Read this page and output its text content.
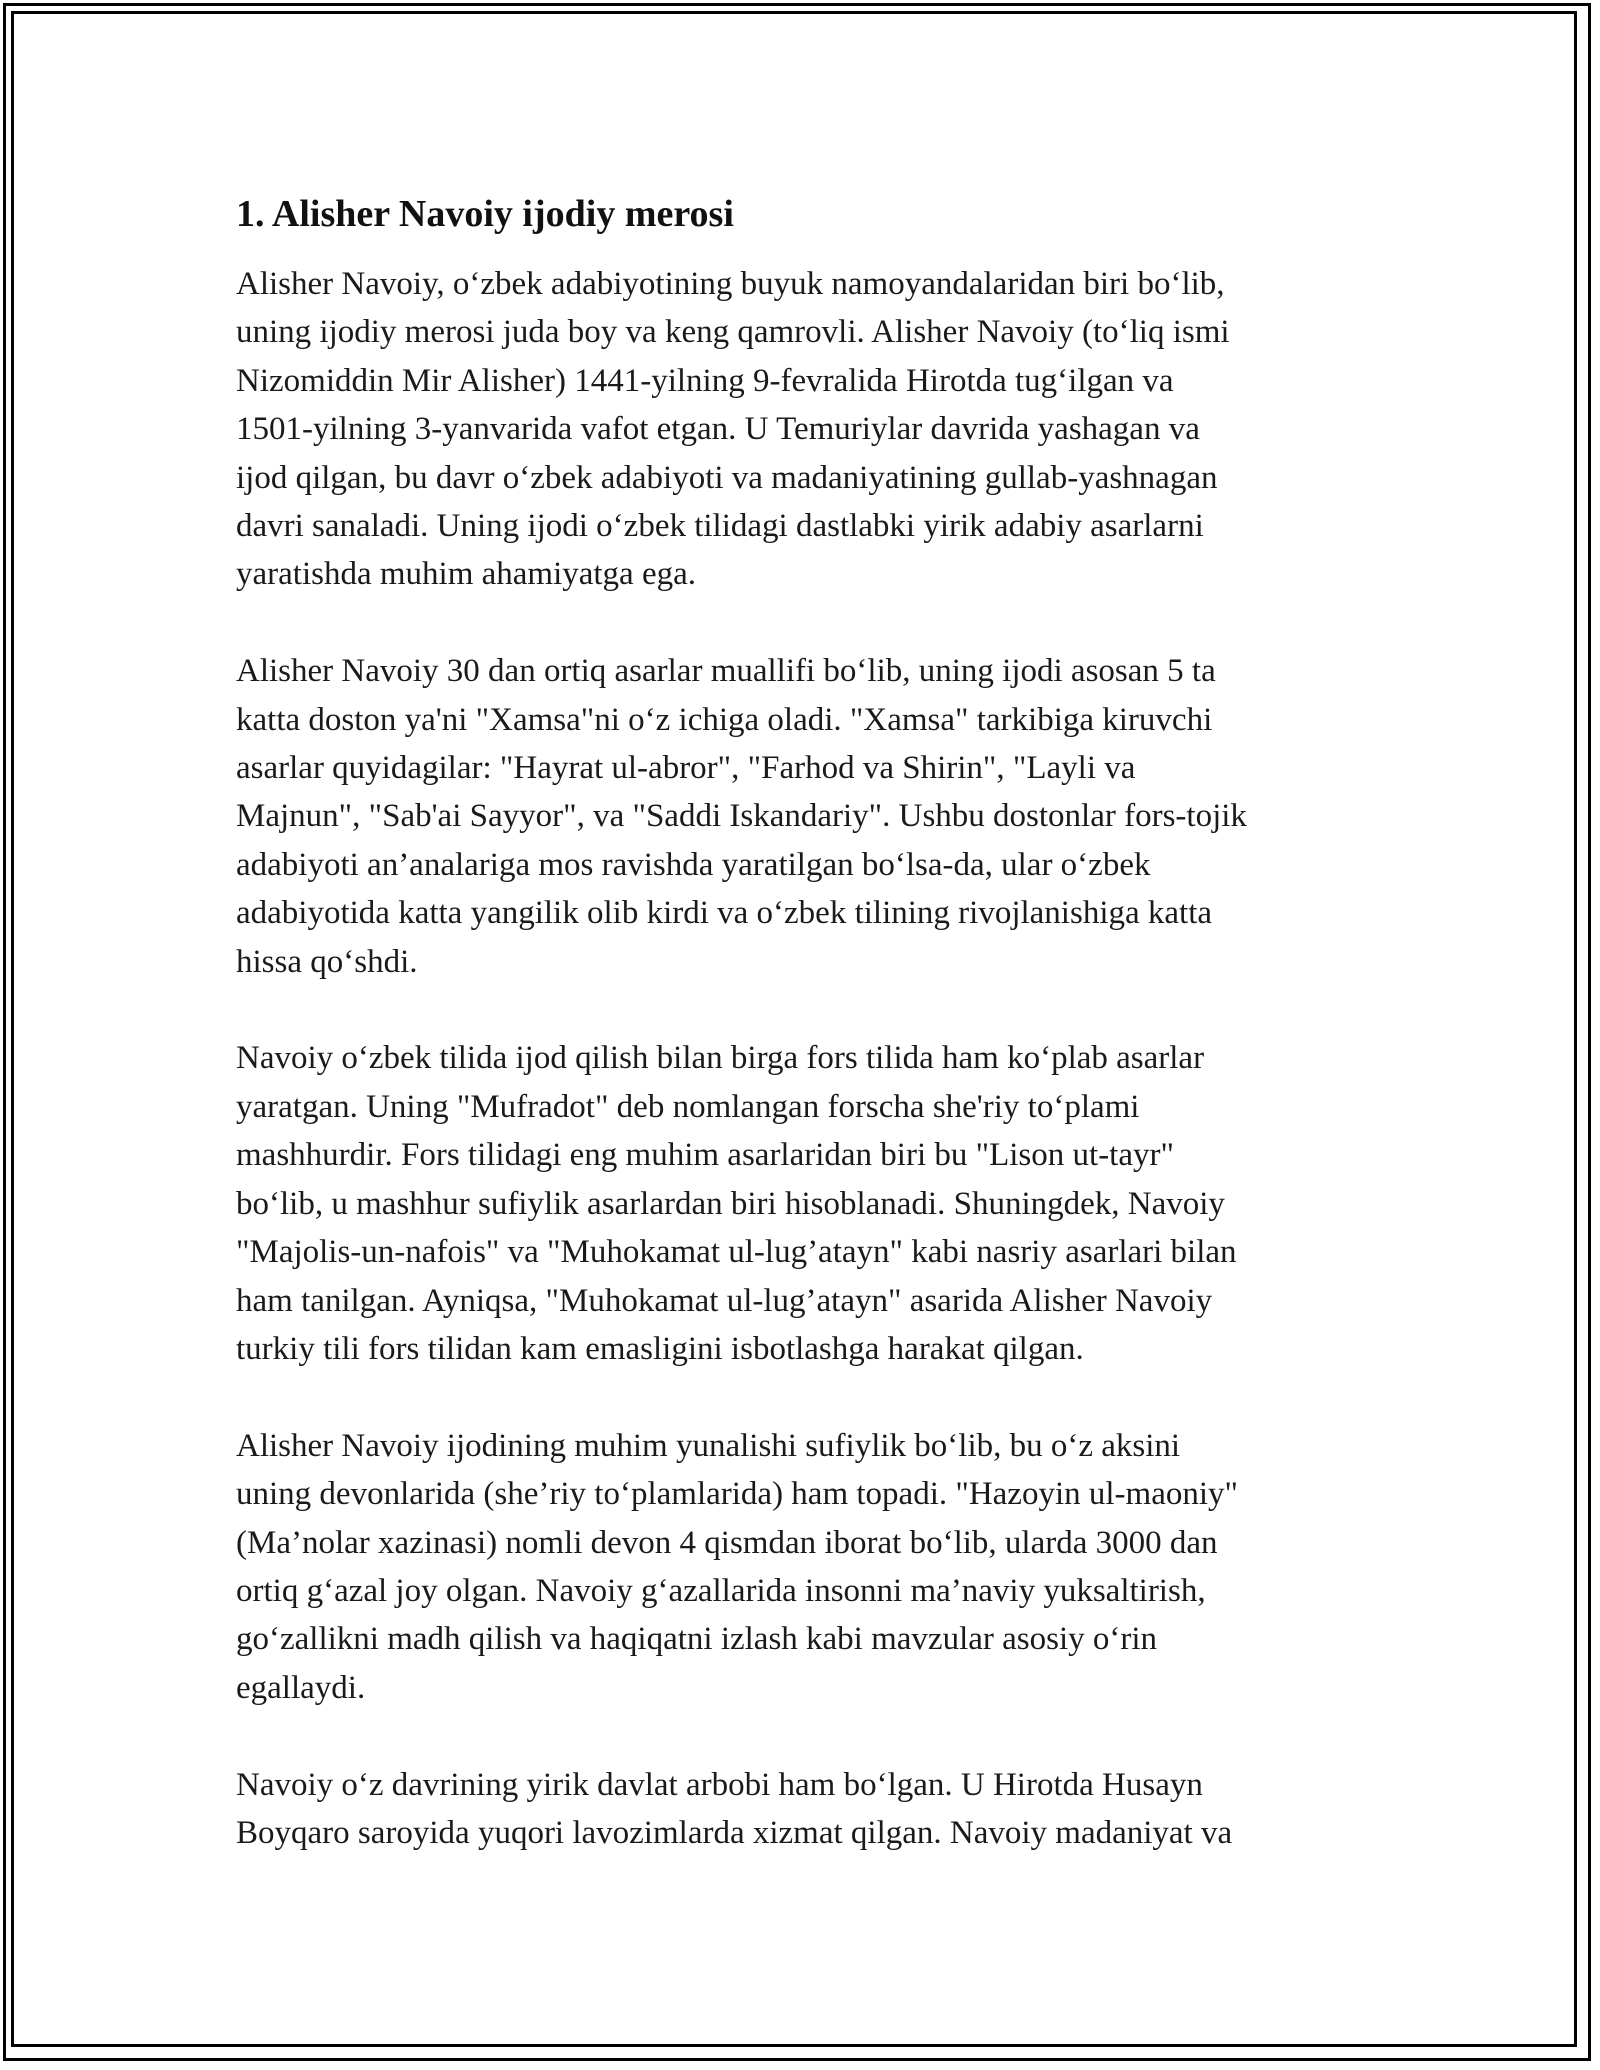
1. Alisher Navoiy ijodiy merosi

Alisher Navoiy, o‘zbek adabiyotining buyuk namoyandalaridan biri bo‘lib,
uning ijodiy merosi juda boy va keng qamrovli. Alisher Navoiy (to‘liq ismi
Nizomiddin Mir Alisher) 1441-yilning 9-fevralida Hirotda tug‘ilgan va
1501-yilning 3-yanvarida vafot etgan. U Temuriylar davrida yashagan va
ijod qilgan, bu davr o‘zbek adabiyoti va madaniyatining gullab-yashnagan
davri sanaladi. Uning ijodi o‘zbek tilidagi dastlabki yirik adabiy asarlarni
yaratishda muhim ahamiyatga ega.

Alisher Navoiy 30 dan ortiq asarlar muallifi bo‘lib, uning ijodi asosan 5 ta
katta doston ya'ni "Xamsa"ni o‘z ichiga oladi. "Xamsa" tarkibiga kiruvchi
asarlar quyidagilar: "Hayrat ul-abror", "Farhod va Shirin", "Layli va
Majnun", "Sab'ai Sayyor", va "Saddi Iskandariy". Ushbu dostonlar fors-tojik
adabiyoti an’analariga mos ravishda yaratilgan bo‘lsa-da, ular o‘zbek
adabiyotida katta yangilik olib kirdi va o‘zbek tilining rivojlanishiga katta
hissa qo‘shdi.

Navoiy o‘zbek tilida ijod qilish bilan birga fors tilida ham ko‘plab asarlar
yaratgan. Uning "Mufradot" deb nomlangan forscha she'riy to‘plami
mashhurdir. Fors tilidagi eng muhim asarlaridan biri bu "Lison ut-tayr"
bo‘lib, u mashhur sufiylik asarlardan biri hisoblanadi. Shuningdek, Navoiy
"Majolis-un-nafois" va "Muhokamat ul-lug’atayn" kabi nasriy asarlari bilan
ham tanilgan. Ayniqsa, "Muhokamat ul-lug’atayn" asarida Alisher Navoiy
turkiy tili fors tilidan kam emasligini isbotlashga harakat qilgan.

Alisher Navoiy ijodining muhim yunalishi sufiylik bo‘lib, bu o‘z aksini
uning devonlarida (she’riy to‘plamlarida) ham topadi. "Hazoyin ul-maoniy"
(Ma’nolar xazinasi) nomli devon 4 qismdan iborat bo‘lib, ularda 3000 dan
ortiq g‘azal joy olgan. Navoiy g‘azallarida insonni ma’naviy yuksaltirish,
go‘zallikni madh qilish va haqiqatni izlash kabi mavzular asosiy o‘rin
egallaydi.

Navoiy o‘z davrining yirik davlat arbobi ham bo‘lgan. U Hirotda Husayn
Boyqaro saroyida yuqori lavozimlarda xizmat qilgan. Navoiy madaniyat va
